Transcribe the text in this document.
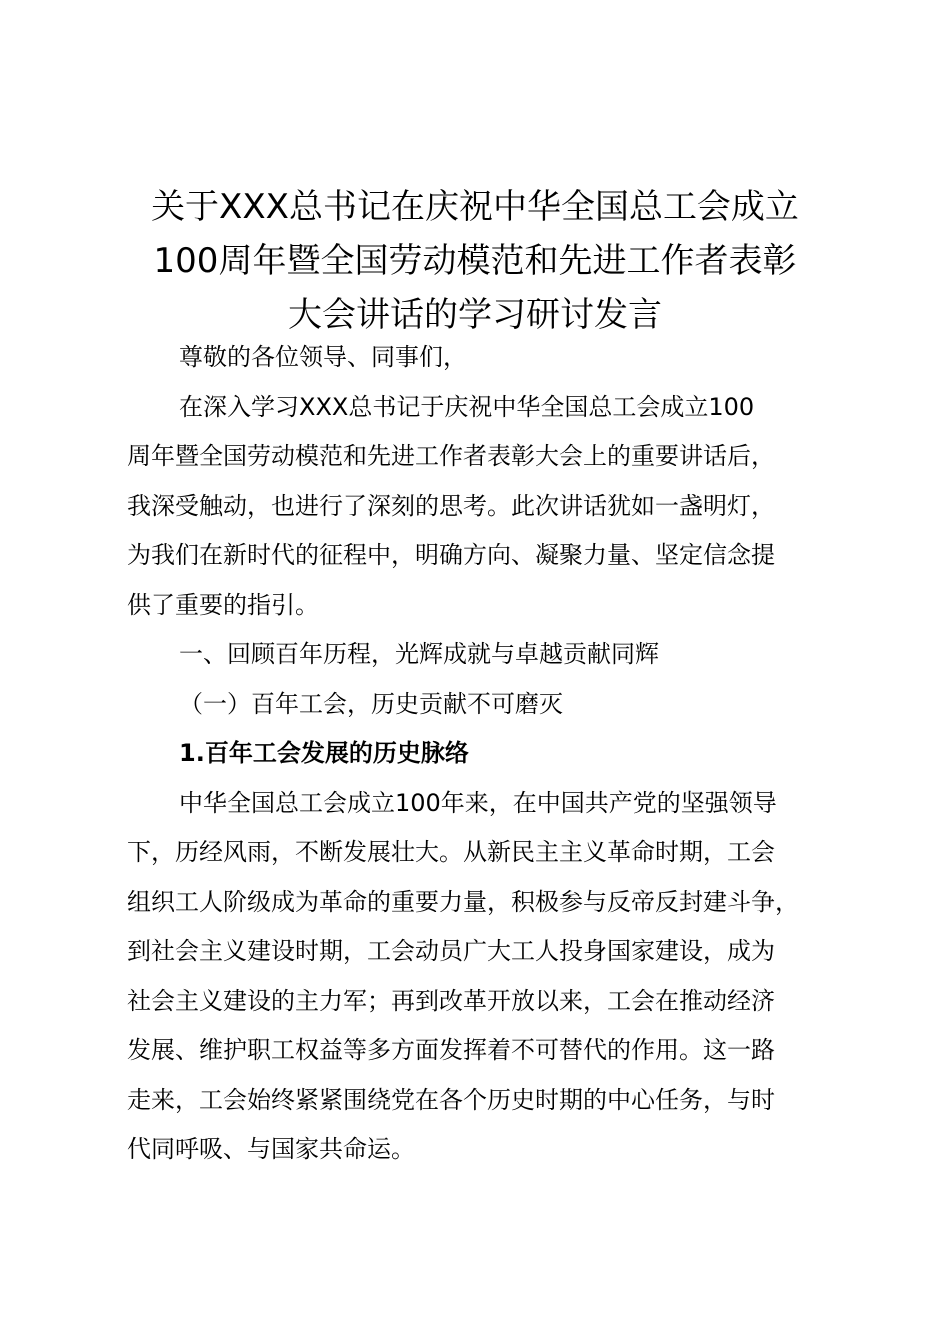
关于XXX总书记在庆祝中华全国总工会成立
100周年暨全国劳动模范和先进工作者表彰
大会讲话的学习研讨发言

尊敬的各位领导、同事们，

在深入学习XXX总书记于庆祝中华全国总工会成立100

周年暨全国劳动模范和先进工作者表彰大会上的重要讲话后，

我深受触动，也进行了深刻的思考。此次讲话犹如一盏明灯，

为我们在新时代的征程中，明确方向、凝聚力量、坚定信念提

供了重要的指引。

一、回顾百年历程，光辉成就与卓越贡献同辉

（一）百年工会，历史贡献不可磨灭

1.百年工会发展的历史脉络

中华全国总工会成立100年来，在中国共产党的坚强领导

下，历经风雨，不断发展壮大。从新民主主义革命时期，工会

组织工人阶级成为革命的重要力量，积极参与反帝反封建斗争，

到社会主义建设时期，工会动员广大工人投身国家建设，成为

社会主义建设的主力军；再到改革开放以来，工会在推动经济

发展、维护职工权益等多方面发挥着不可替代的作用。这一路

走来，工会始终紧紧围绕党在各个历史时期的中心任务，与时

代同呼吸、与国家共命运。
